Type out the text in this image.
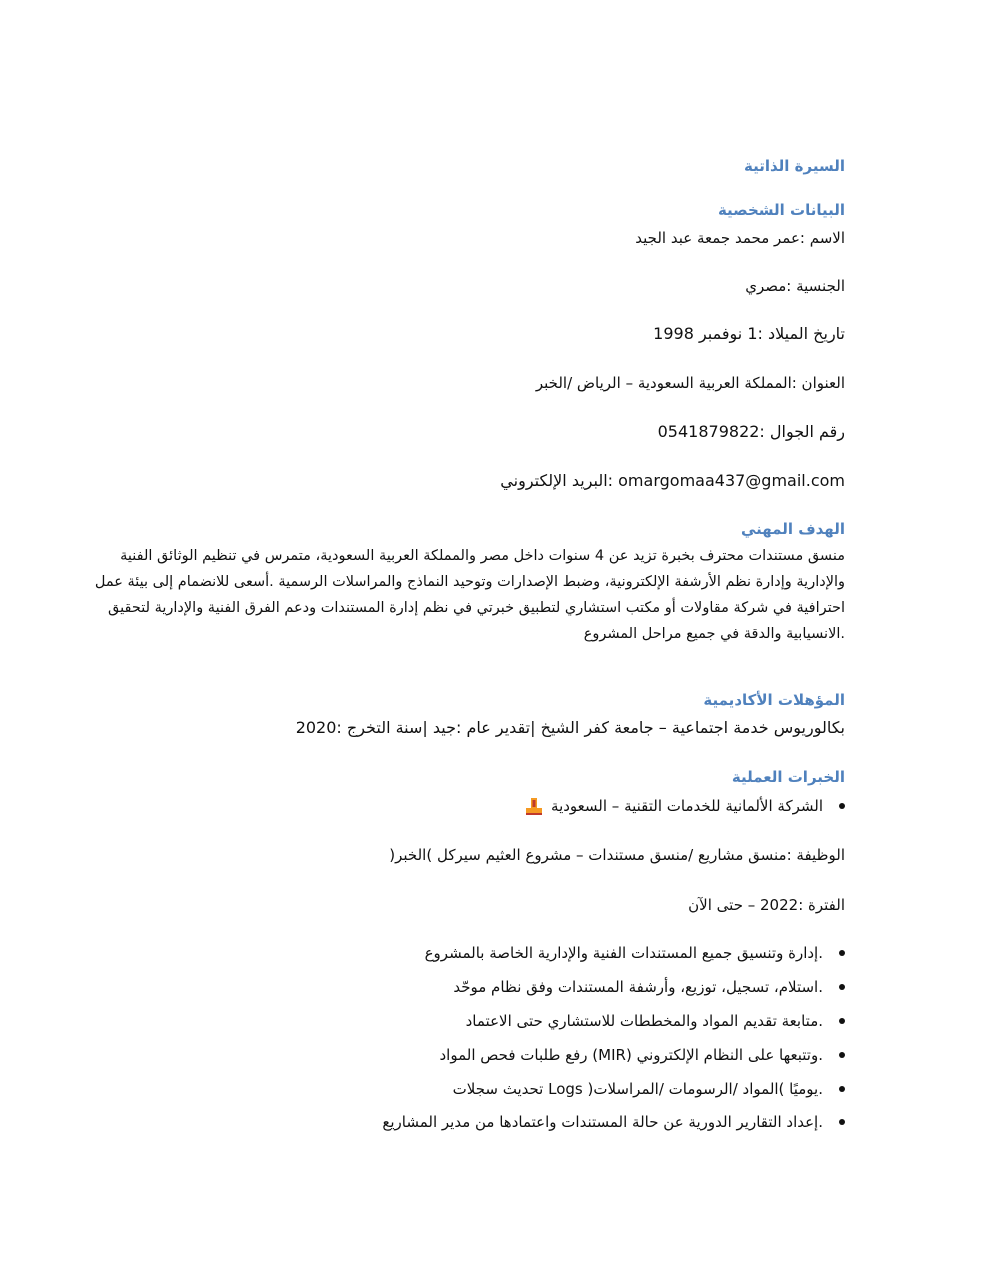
السيرة الذاتية
البيانات الشخصية
الاسم :عمر محمد جمعة عبد الجيد
الجنسية :مصري
تاريخ الميلاد :1 نوفمبر 1998
العنوان :المملكة العربية السعودية – الرياض /الخبر
رقم الجوال :0541879822
omargomaa437@gmail.com :البريد الإلكتروني
الهدف المهني
منسق مستندات محترف بخبرة تزيد عن 4 سنوات داخل مصر والمملكة العربية السعودية، متمرس في تنظيم الوثائق الفنية
والإدارية وإدارة نظم الأرشفة الإلكترونية، وضبط الإصدارات وتوحيد النماذج والمراسلات الرسمية .أسعى للانضمام إلى بيئة عمل
احترافية في شركة مقاولات أو مكتب استشاري لتطبيق خبرتي في نظم إدارة المستندات ودعم الفرق الفنية والإدارية لتحقيق
.الانسيابية والدقة في جميع مراحل المشروع
المؤهلات الأكاديمية
بكالوريوس خدمة اجتماعية – جامعة كفر الشيخ |تقدير عام :جيد |سنة التخرج :2020
الخبرات العملية
الشركة الألمانية للخدمات التقنية – السعودية
الوظيفة :منسق مشاريع /منسق مستندات – مشروع العثيم سيركل )الخبر(
الفترة :2022 – حتى الآن
.إدارة وتنسيق جميع المستندات الفنية والإدارية الخاصة بالمشروع
.استلام، تسجيل، توزيع، وأرشفة المستندات وفق نظام موحّد
.متابعة تقديم المواد والمخططات للاستشاري حتى الاعتماد
.وتتبعها على النظام الإلكتروني (MIR) رفع طلبات فحص المواد
.يوميًا )المواد /الرسومات /المراسلات( Logs تحديث سجلات
.إعداد التقارير الدورية عن حالة المستندات واعتمادها من مدير المشاريع
